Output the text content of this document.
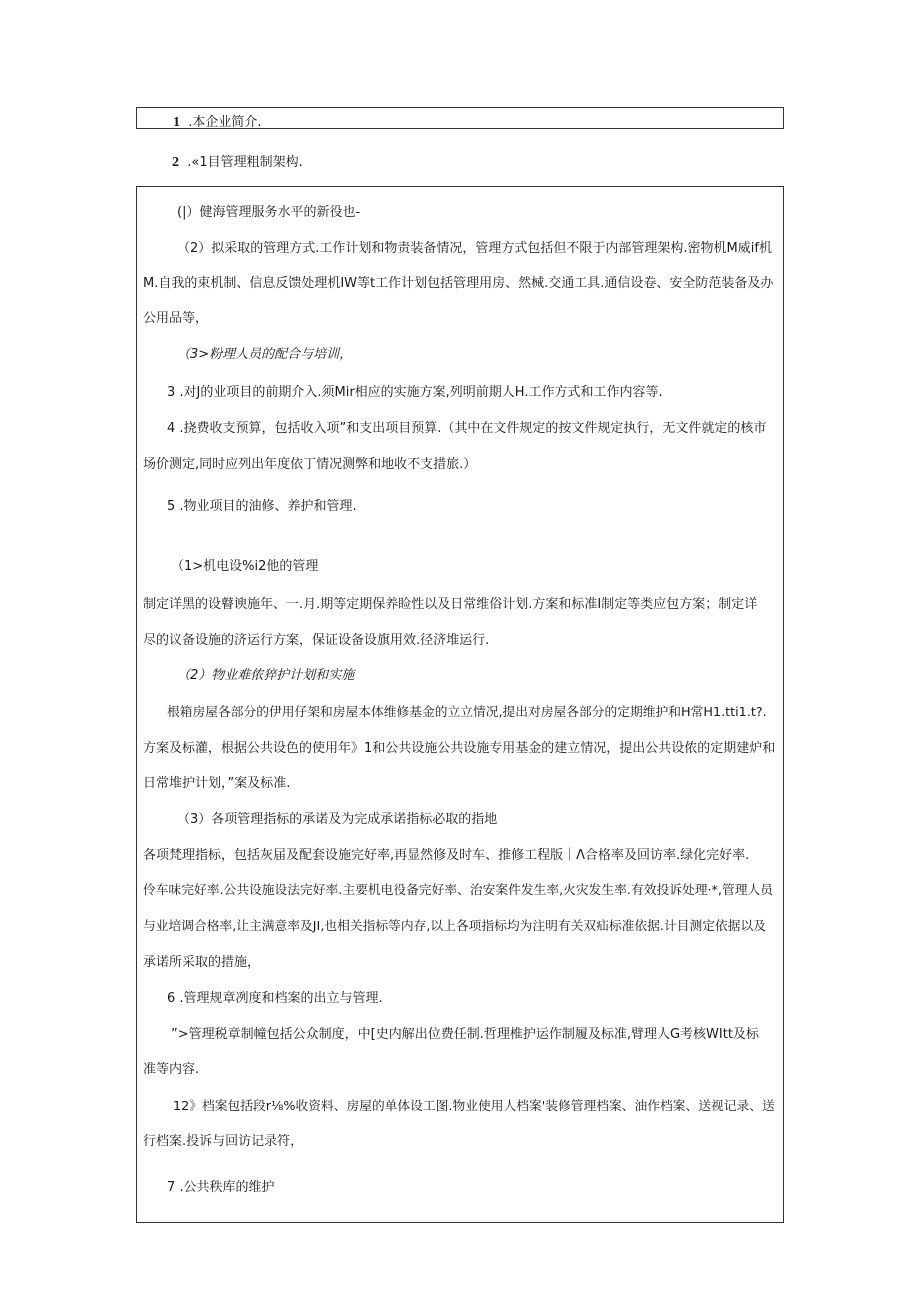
1 .本企业简介.
2 .«1目管理粗制架构.
(|）健海管理服务水平的新役也-
（2）拟采取的管理方式.工作计划和物责装备情况，管理方式包括但不限于内部管理架构.密物机M威if机
M.自我的束机制、信息反馈处理机IW等t工作计划包括管理用房、然械.交通工具.通信设卷、安全防范装备及办
公用品等，
（3>粉理人员的配合与培训，
3 .对J的业项目的前期介入.须Mir相应的实施方案,列明前期人H.工作方式和工作内容等.
4 .挠费收支预算，包括收入项”和支出项目预算.（其中在文件规定的按文件规定执行，无文件就定的核市
场价测定,同时应列出年度依丁情况测弊和地收不支措旅.）
5 .物业项目的油修、养护和管理.
（1>机电设%i2他的管理
制定详黑的设瞽谀施年、一.月.期等定期保养睑性以及日常维俗计划.方案和标准I制定等类应包方案；制定详
尽的议备设施的济运行方案，保证设备设旗用效.径济堆运行.
（2）物业难侬猝护计划和实施
根箱房屋各部分的伊用仔架和房屋本体维修基金的立立情况,提出对房屋各部分的定期维护和H常H1.tti1.t?.
方案及标灌，根据公共设色的使用年》1和公共设施公共设施专用基金的建立情况，提出公共设侬的定期建炉和
日常堆护计划，”案及标准.
（3）各项管理指标的承诺及为完成承诺指标必取的指地
各项梵理指标，包括灰届及配套设施完好率,再显然修及时车、推修工程版｜Λ合格率及回访率.绿化完好率.
伶车味完好率.公共设施设法完好率.主要机电役备完好率、治安案件发生率,火灾发生率.有效投诉处理·*,管理人员
与业培调合格率,让主满意率及JI,也相关指标等内存,以上各项指标均为注明有关双疝标准依据.计目测定依据以及
承诺所采取的措施，
6 .管理规章冽度和档案的出立与管理.
”>管理税章制幢包括公众制度，中[史内解出位费任制.哲理椎护运作制履及标准,臂理人G考核WItt及标
准等内容.
12》档案包括段r⅛%收资料、房屋的单体设工图.物业使用人档案'装修管理档案、油作档案、送视记录、送
行档案.投诉与回访记录符，
7 .公共秩库的维护
